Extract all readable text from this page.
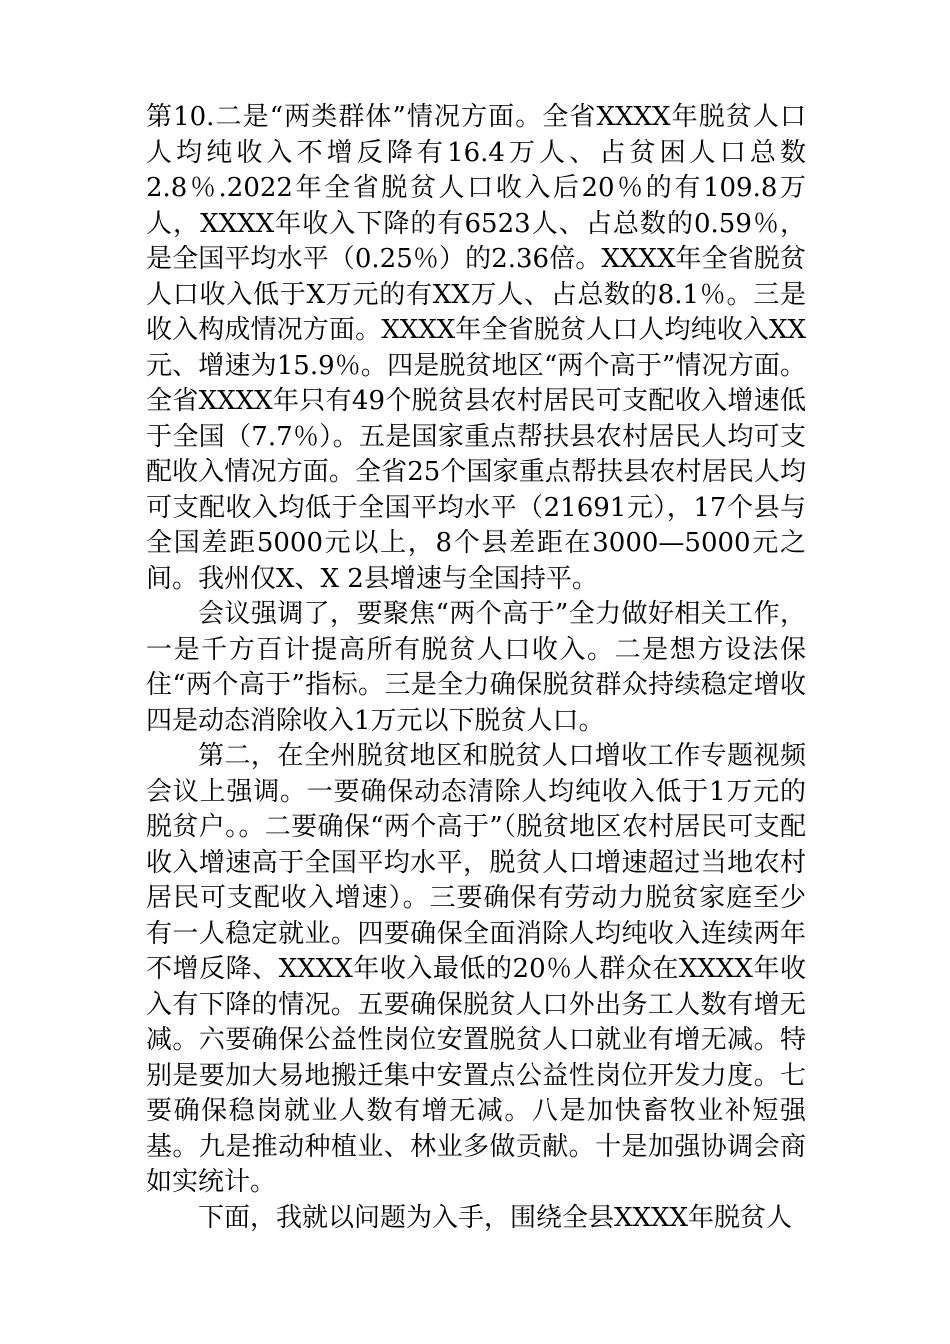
第10.二是“两类群体”情况方面。全省XXXX年脱贫人口人均纯收入不增反降有16.4万人、占贫困人口总数2.8％.2022年全省脱贫人口收入后20％的有109.8万人，XXXX年收入下降的有6523人、占总数的0.59％，是全国平均水平（0.25％）的2.36倍。XXXX年全省脱贫人口收入低于X万元的有XX万人、占总数的8.1％。三是收入构成情况方面。XXXX年全省脱贫人口人均纯收入XX元、增速为15.9％。四是脱贫地区“两个高于”情况方面。全省XXXX年只有49个脱贫县农村居民可支配收入增速低于全国（7.7％）。五是国家重点帮扶县农村居民人均可支配收入情况方面。全省25个国家重点帮扶县农村居民人均可支配收入均低于全国平均水平（21691元），17个县与全国差距5000元以上，8个县差距在3000—5000元之间。我州仅X、X 2县增速与全国持平。

会议强调了，要聚焦“两个高于”全力做好相关工作，一是千方百计提高所有脱贫人口收入。二是想方设法保住“两个高于”指标。三是全力确保脱贫群众持续稳定增收四是动态消除收入1万元以下脱贫人口。

第二，在全州脱贫地区和脱贫人口增收工作专题视频会议上强调。一要确保动态清除人均纯收入低于1万元的脱贫户。。二要确保“两个高于”（脱贫地区农村居民可支配收入增速高于全国平均水平，脱贫人口增速超过当地农村居民可支配收入增速）。三要确保有劳动力脱贫家庭至少有一人稳定就业。四要确保全面消除人均纯收入连续两年不增反降、XXXX年收入最低的20％人群众在XXXX年收入有下降的情况。五要确保脱贫人口外出务工人数有增无减。六要确保公益性岗位安置脱贫人口就业有增无减。特别是要加大易地搬迁集中安置点公益性岗位开发力度。七要确保稳岗就业人数有增无减。八是加快畜牧业补短强基。九是推动种植业、林业多做贡献。十是加强协调会商如实统计。

下面，我就以问题为入手，围绕全县XXXX年脱贫人
